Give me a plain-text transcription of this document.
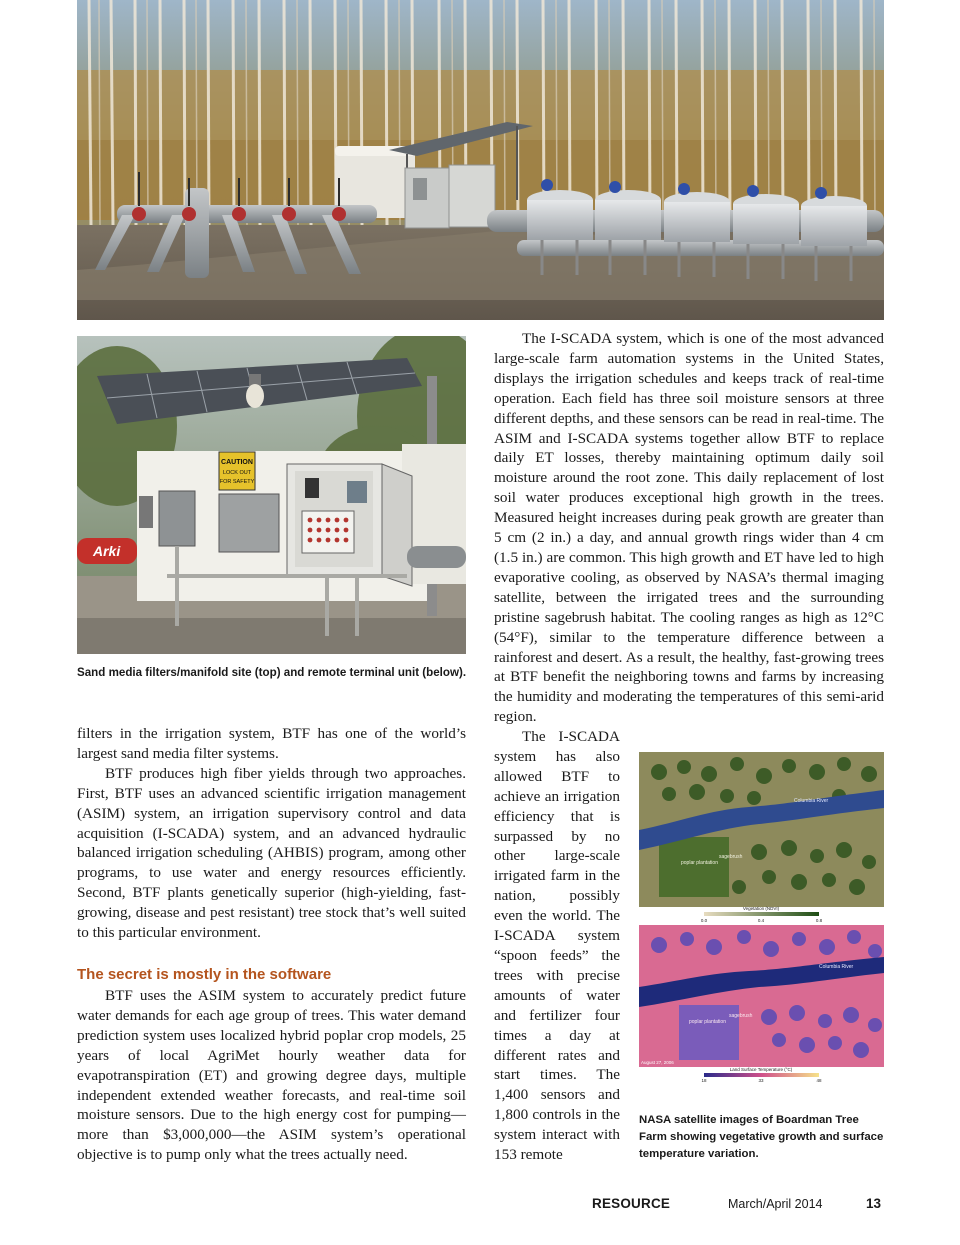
CAUTION
LOCK OUT
FOR SAFETY
Arki
Sand media filters/manifold site (top) and remote terminal unit (below).

filters in the irrigation system, BTF has one of the world’s largest sand media filter systems.

BTF produces high fiber yields through two approaches. First, BTF uses an advanced scientific irrigation management (ASIM) system, an irrigation supervisory control and data acquisition (I-SCADA) system, and an advanced hydraulic balanced irrigation scheduling (AHBIS) program, among other programs, to use water and energy resources efficiently. Second, BTF plants genetically superior (high-yielding, fast-growing, disease and pest resistant) tree stock that’s well suited to this particular environment.

The secret is mostly in the software

BTF uses the ASIM system to accurately predict future water demands for each age group of trees. This water demand prediction system uses localized hybrid poplar crop models, 25 years of local AgriMet hourly weather data for evapotranspiration (ET) and growing degree days, multiple independent extended weather forecasts, and real-time soil moisture sensors. Due to the high energy cost for pumping—more than $3,000,000—the ASIM system’s operational objective is to pump only what the trees actually need.

The I-SCADA system, which is one of the most advanced large-scale farm automation systems in the United States, displays the irrigation schedules and keeps track of real-time operation. Each field has three soil moisture sensors at three different depths, and these sensors can be read in real-time. The ASIM and I-SCADA systems together allow BTF to replace daily ET losses, thereby maintaining optimum daily soil moisture around the root zone. This daily replacement of lost soil water produces exceptional high growth in the trees. Measured height increases during peak growth are greater than 5 cm (2 in.) a day, and annual growth rings wider than 4 cm (1.5 in.) are common. This high growth and ET have led to high evaporative cooling, as observed by NASA’s thermal imaging satellite, between the irrigated trees and the surrounding pristine sagebrush habitat. The cooling ranges as high as 12°C (54°F), similar to the temperature difference between a rainforest and desert. As a result, the healthy, fast-growing trees at BTF benefit the neighboring towns and farms by increasing the humidity and moderating the temperatures of this semi-arid region.

The I-SCADA system has also allowed BTF to achieve an irrigation efficiency that is surpassed by no other large-scale irrigated farm in the nation, possibly even the world. The I-SCADA system “spoon feeds” the trees with precise amounts of water and fertilizer four times a day at different rates and start times. The 1,400 sensors and 1,800 controls in the system interact with 153 remote

Columbia River
poplar plantation
sagebrush
Vegetation (NDVI)
0.0	0.4	0.8
Columbia River
poplar plantation
sagebrush
August 27, 2006
Land Surface Temperature (°C)
18	33	48
NASA satellite images of Boardman Tree Farm showing vegetative growth and surface temperature variation.
RESOURCE	March/April 2014	13
